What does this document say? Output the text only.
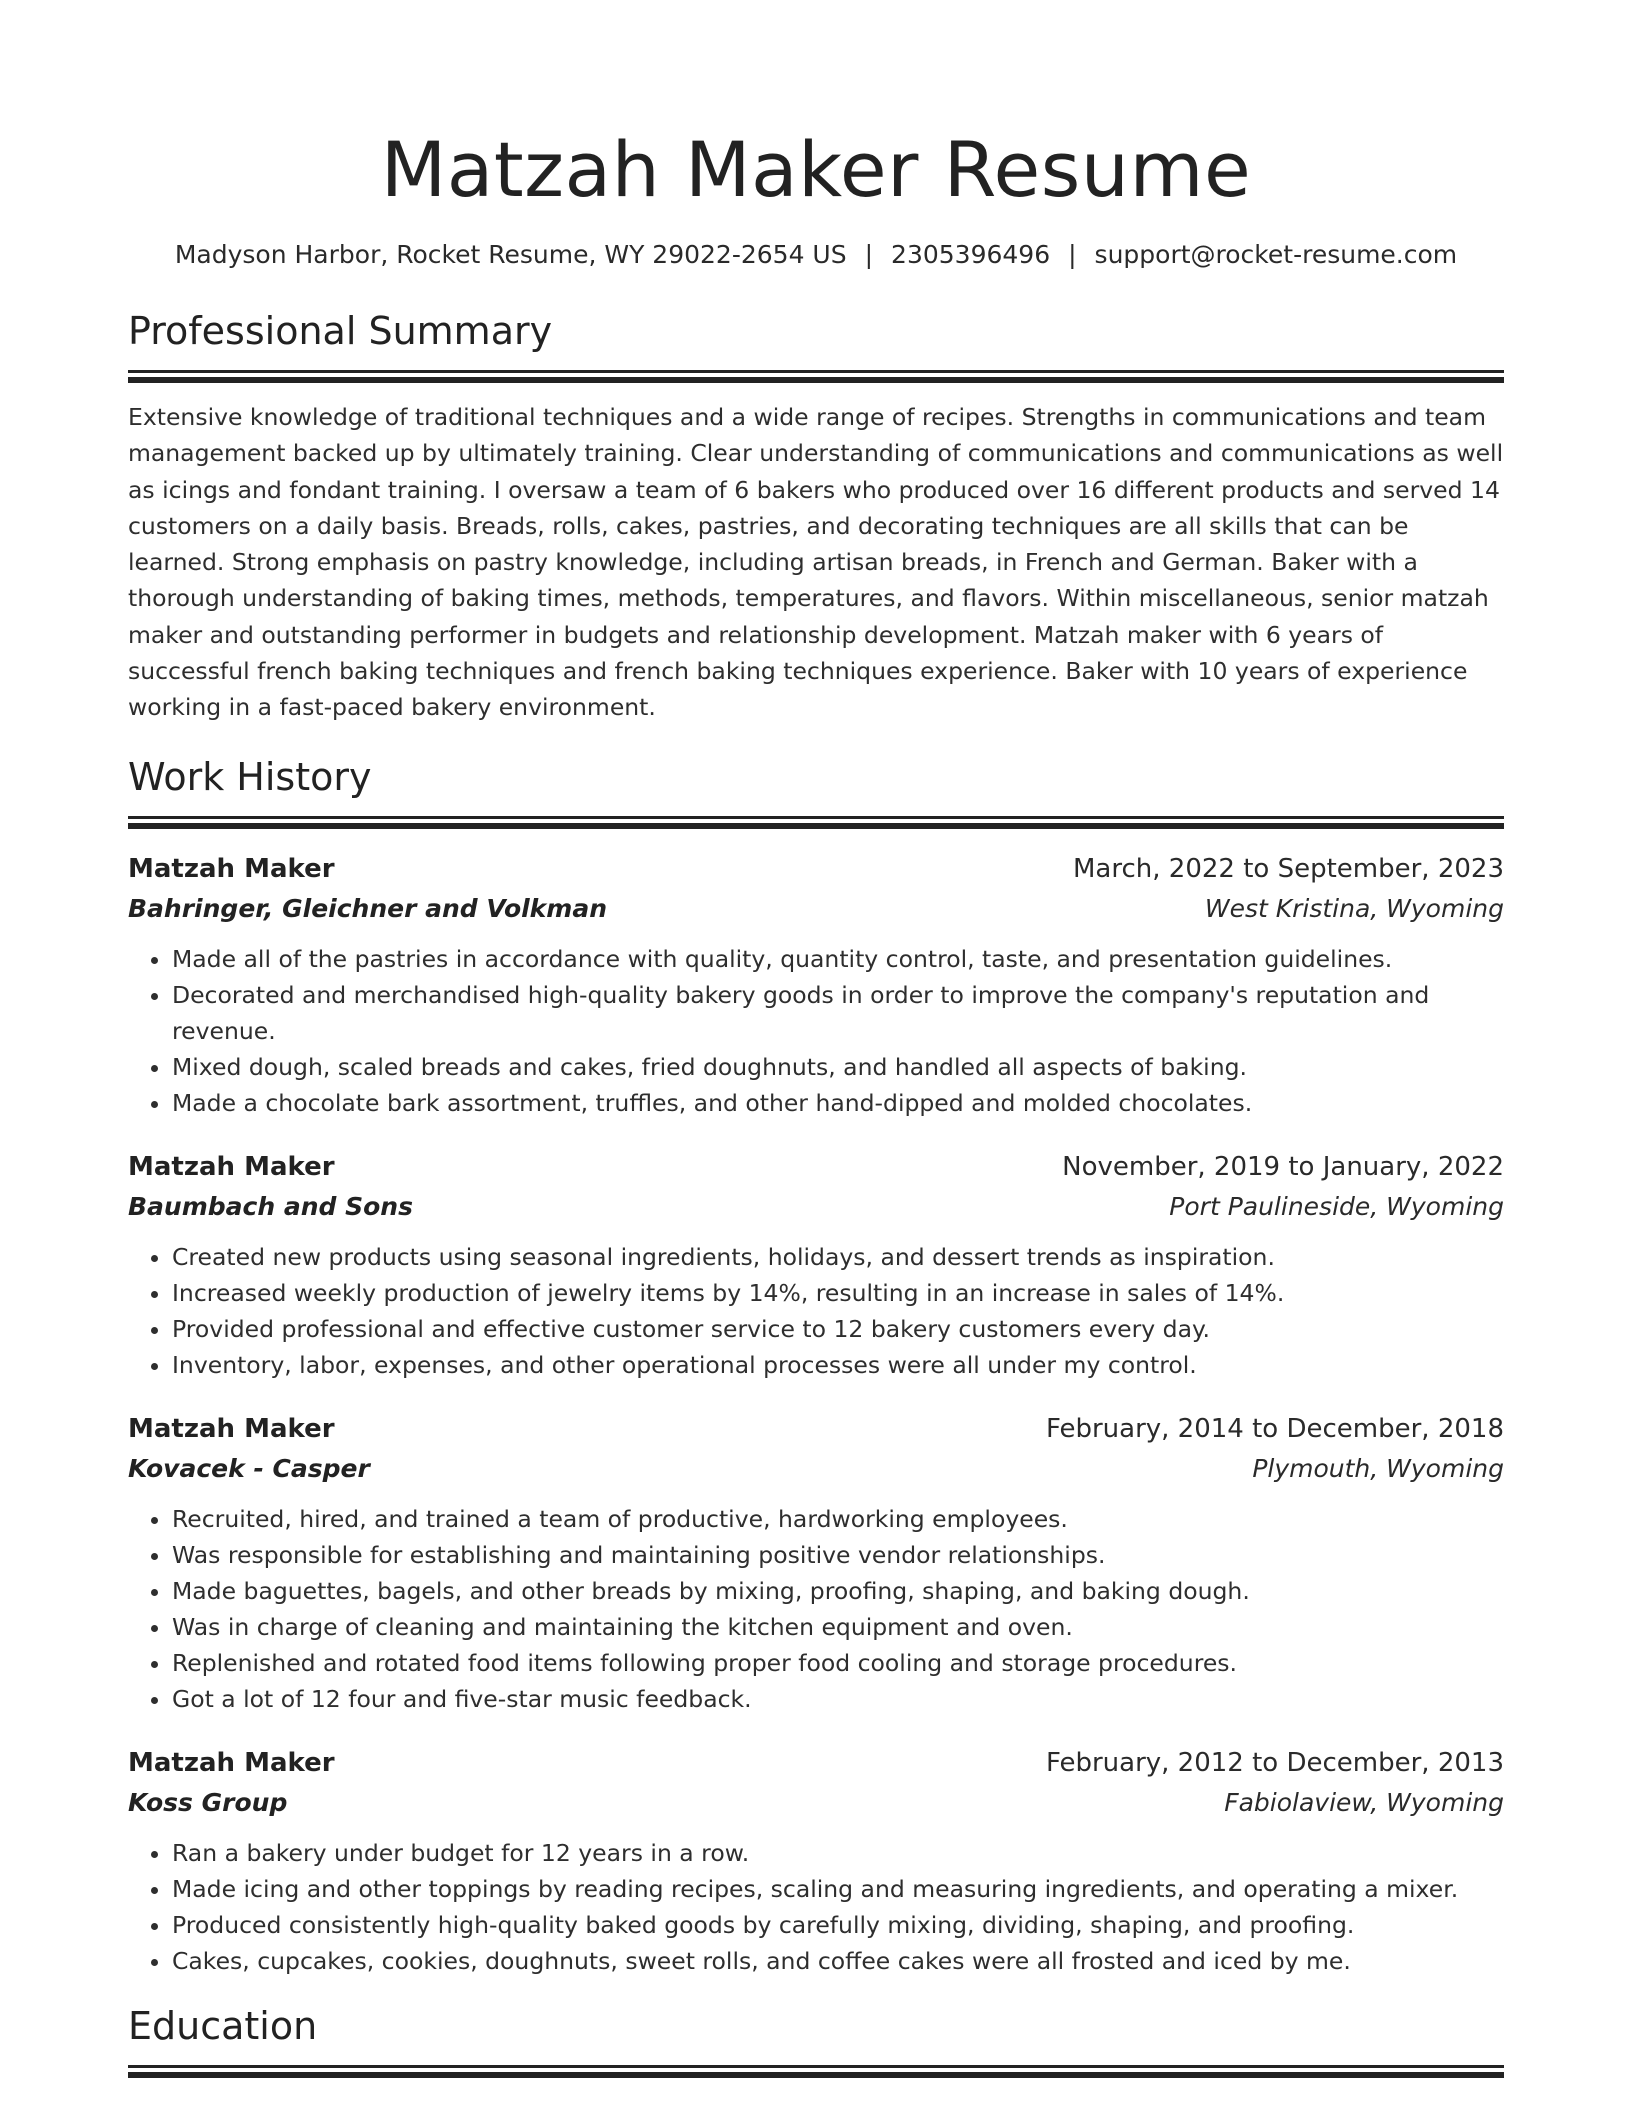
Matzah Maker Resume
Madyson Harbor, Rocket Resume, WY 29022-2654 US | 2305396496 | support@rocket-resume.com
Professional Summary
Extensive knowledge of traditional techniques and a wide range of recipes. Strengths in communications and team management backed up by ultimately training. Clear understanding of communications and communications as well as icings and fondant training. I oversaw a team of 6 bakers who produced over 16 different products and served 14 customers on a daily basis. Breads, rolls, cakes, pastries, and decorating techniques are all skills that can be learned. Strong emphasis on pastry knowledge, including artisan breads, in French and German. Baker with a thorough understanding of baking times, methods, temperatures, and flavors. Within miscellaneous, senior matzah maker and outstanding performer in budgets and relationship development. Matzah maker with 6 years of successful french baking techniques and french baking techniques experience. Baker with 10 years of experience working in a fast-paced bakery environment.
Work History
Matzah Maker	March, 2022 to September, 2023
Bahringer, Gleichner and Volkman	West Kristina, Wyoming
• Made all of the pastries in accordance with quality, quantity control, taste, and presentation guidelines.
• Decorated and merchandised high-quality bakery goods in order to improve the company's reputation and revenue.
• Mixed dough, scaled breads and cakes, fried doughnuts, and handled all aspects of baking.
• Made a chocolate bark assortment, truffles, and other hand-dipped and molded chocolates.
Matzah Maker	November, 2019 to January, 2022
Baumbach and Sons	Port Paulineside, Wyoming
• Created new products using seasonal ingredients, holidays, and dessert trends as inspiration.
• Increased weekly production of jewelry items by 14%, resulting in an increase in sales of 14%.
• Provided professional and effective customer service to 12 bakery customers every day.
• Inventory, labor, expenses, and other operational processes were all under my control.
Matzah Maker	February, 2014 to December, 2018
Kovacek - Casper	Plymouth, Wyoming
• Recruited, hired, and trained a team of productive, hardworking employees.
• Was responsible for establishing and maintaining positive vendor relationships.
• Made baguettes, bagels, and other breads by mixing, proofing, shaping, and baking dough.
• Was in charge of cleaning and maintaining the kitchen equipment and oven.
• Replenished and rotated food items following proper food cooling and storage procedures.
• Got a lot of 12 four and five-star music feedback.
Matzah Maker	February, 2012 to December, 2013
Koss Group	Fabiolaview, Wyoming
• Ran a bakery under budget for 12 years in a row.
• Made icing and other toppings by reading recipes, scaling and measuring ingredients, and operating a mixer.
• Produced consistently high-quality baked goods by carefully mixing, dividing, shaping, and proofing.
• Cakes, cupcakes, cookies, doughnuts, sweet rolls, and coffee cakes were all frosted and iced by me.
Education
